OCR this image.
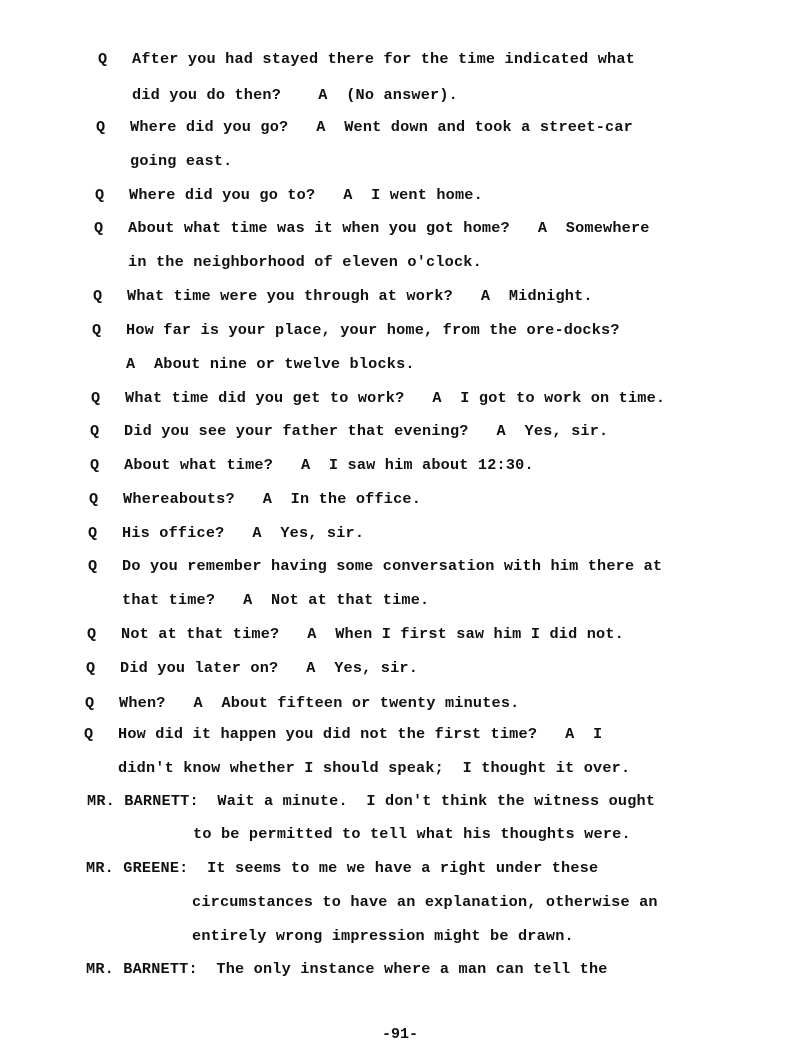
Q After you had stayed there for the time indicated what
did you do then?    A  (No answer).
Q Where did you go?   A  Went down and took a street-car
going east.
Q Where did you go to?   A  I went home.
Q About what time was it when you got home?   A  Somewhere
in the neighborhood of eleven o'clock.
Q What time were you through at work?   A  Midnight.
Q How far is your place, your home, from the ore-docks?
A  About nine or twelve blocks.
Q What time did you get to work?   A  I got to work on time.
Q Did you see your father that evening?   A  Yes, sir.
Q About what time?   A  I saw him about 12:30.
Q Whereabouts?   A  In the office.
Q His office?   A  Yes, sir.
Q Do you remember having some conversation with him there at
that time?   A  Not at that time.
Q Not at that time?   A  When I first saw him I did not.
Q Did you later on?   A  Yes, sir.
Q When?   A  About fifteen or twenty minutes.
Q How did it happen you did not the first time?   A  I
didn't know whether I should speak;  I thought it over.
MR. BARNETT:  Wait a minute.  I don't think the witness ought
to be permitted to tell what his thoughts were.
MR. GREENE:  It seems to me we have a right under these
circumstances to have an explanation, otherwise an
entirely wrong impression might be drawn.
MR. BARNETT:  The only instance where a man can tell the
-91-
